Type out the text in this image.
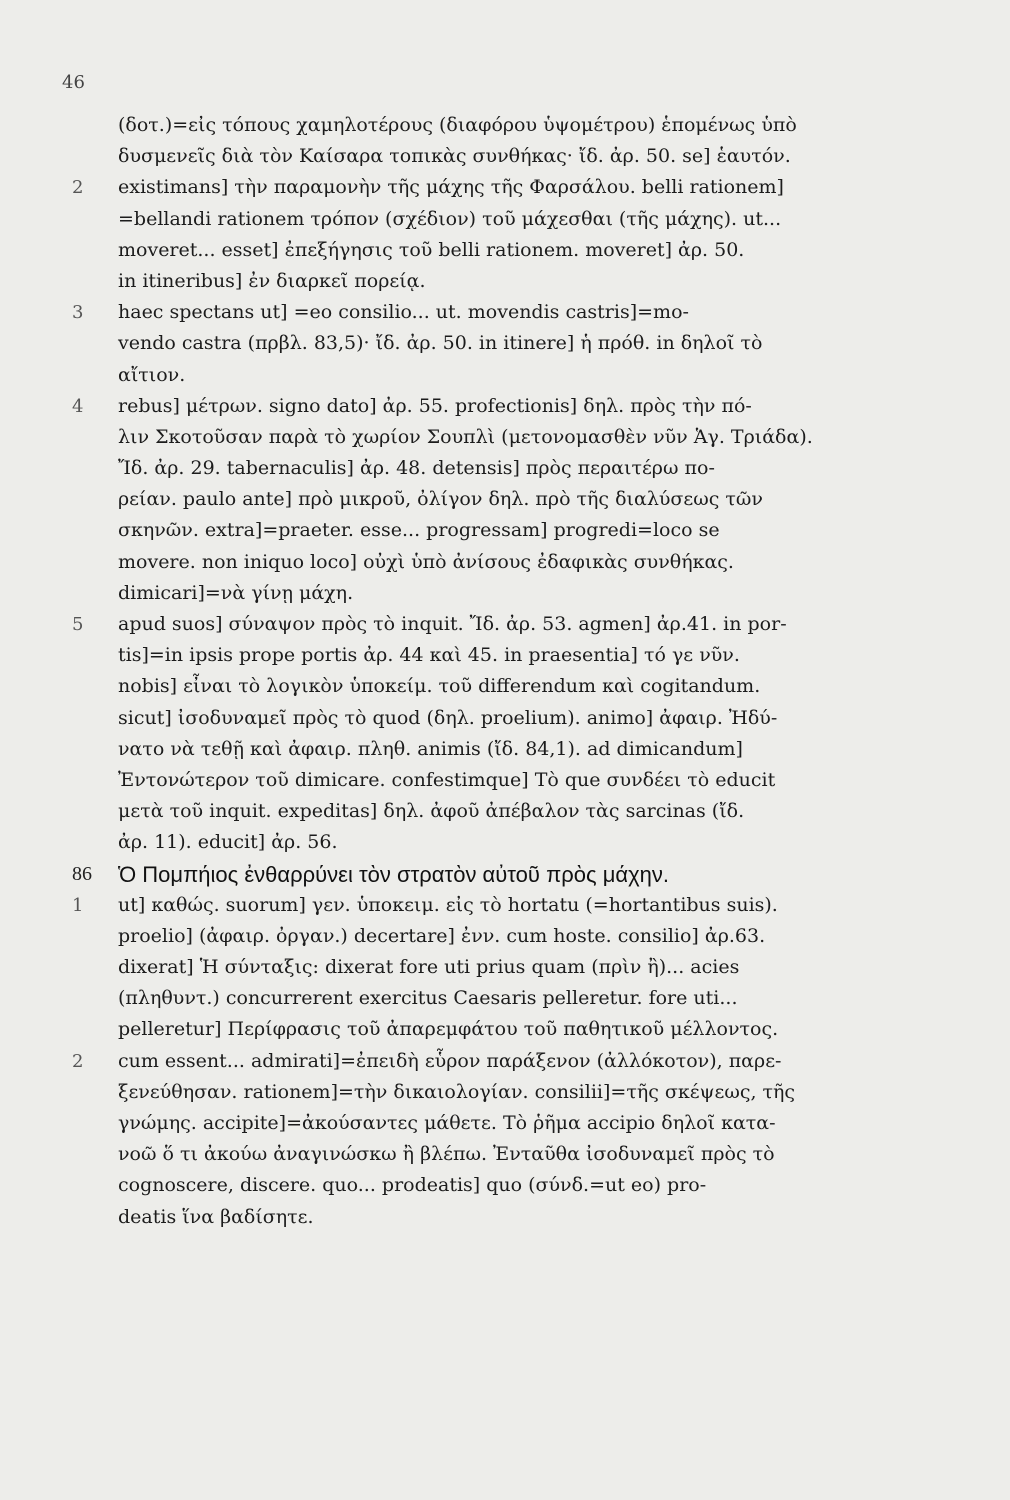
46
(δοτ.)=εἰς τόπους χαμηλοτέρους (διαφόρου ὑψομέτρου) ἑπομένως ὑπὸ
δυσμενεῖς διὰ τὸν Καίσαρα τοπικὰς συνθήκας· ἴδ. ἀρ. 50. se] ἑαυτόν.
2 existimans] τὴν παραμονὴν τῆς μάχης τῆς Φαρσάλου. belli rationem]
=bellandi rationem τρόπον (σχέδιον) τοῦ μάχεσθαι (τῆς μάχης). ut...
moveret... esset] ἐπεξήγησις τοῦ belli rationem. moveret] ἀρ. 50.
in itineribus] ἐν διαρκεῖ πορείᾳ.
3 haec spectans ut] =eo consilio... ut. movendis castris]=mo-
vendo castra (πρβλ. 83,5)· ἴδ. ἀρ. 50. in itinere] ἡ πρόθ. in δηλοῖ τὸ
αἴτιον.
4 rebus] μέτρων. signo dato] ἀρ. 55. profectionis] δηλ. πρὸς τὴν πό-
λιν Σκοτοῦσαν παρὰ τὸ χωρίον Σουπλὶ (μετονομασθὲν νῦν Ἁγ. Τριάδα).
Ἴδ. ἀρ. 29. tabernaculis] ἀρ. 48. detensis] πρὸς περαιτέρω πο-
ρείαν. paulo ante] πρὸ μικροῦ, ὀλίγον δηλ. πρὸ τῆς διαλύσεως τῶν
σκηνῶν. extra]=praeter. esse... progressam] progredi=loco se
movere. non iniquo loco] οὐχὶ ὑπὸ ἀνίσους ἐδαφικὰς συνθήκας.
dimicari]=νὰ γίνῃ μάχη.
5 apud suos] σύναψον πρὸς τὸ inquit. Ἴδ. ἀρ. 53. agmen] ἀρ.41. in por-
tis]=in ipsis prope portis ἀρ. 44 καὶ 45. in praesentia] τό γε νῦν.
nobis] εἶναι τὸ λογικὸν ὑποκείμ. τοῦ differendum καὶ cogitandum.
sicut] ἰσοδυναμεῖ πρὸς τὸ quod (δηλ. proelium). animo] ἀφαιρ. Ἠδύ-
νατο νὰ τεθῇ καὶ ἀφαιρ. πληθ. animis (ἴδ. 84,1). ad dimicandum]
Ἐντονώτερον τοῦ dimicare. confestimque] Τὸ que συνδέει τὸ educit
μετὰ τοῦ inquit. expeditas] δηλ. ἀφοῦ ἀπέβαλον τὰς sarcinas (ἴδ.
ἀρ. 11). educit] ἀρ. 56.
86 Ὁ Πομπήιος ἐνθαρρύνει τὸν στρατὸν αὐτοῦ πρὸς μάχην.
1 ut] καθώς. suorum] γεν. ὑποκειμ. εἰς τὸ hortatu (=hortantibus suis).
proelio] (ἀφαιρ. ὀργαν.) decertare] ἐνν. cum hoste. consilio] ἀρ.63.
dixerat] Ἡ σύνταξις: dixerat fore uti prius quam (πρὶν ἢ)... acies
(πληθυντ.) concurrerent exercitus Caesaris pelleretur. fore uti...
pelleretur] Περίφρασις τοῦ ἀπαρεμφάτου τοῦ παθητικοῦ μέλλοντος.
2 cum essent... admirati]=ἐπειδὴ εὗρον παράξενον (ἀλλόκοτον), παρε-
ξενεύθησαν. rationem]=τὴν δικαιολογίαν. consilii]=τῆς σκέψεως, τῆς
γνώμης. accipite]=ἀκούσαντες μάθετε. Τὸ ῥῆμα accipio δηλοῖ κατα-
νοῶ ὅ τι ἀκούω ἀναγινώσκω ἢ βλέπω. Ἐνταῦθα ἰσοδυναμεῖ πρὸς τὸ
cognoscere, discere. quo... prodeatis] quo (σύνδ.=ut eo) pro-
deatis ἵνα βαδίσητε.
